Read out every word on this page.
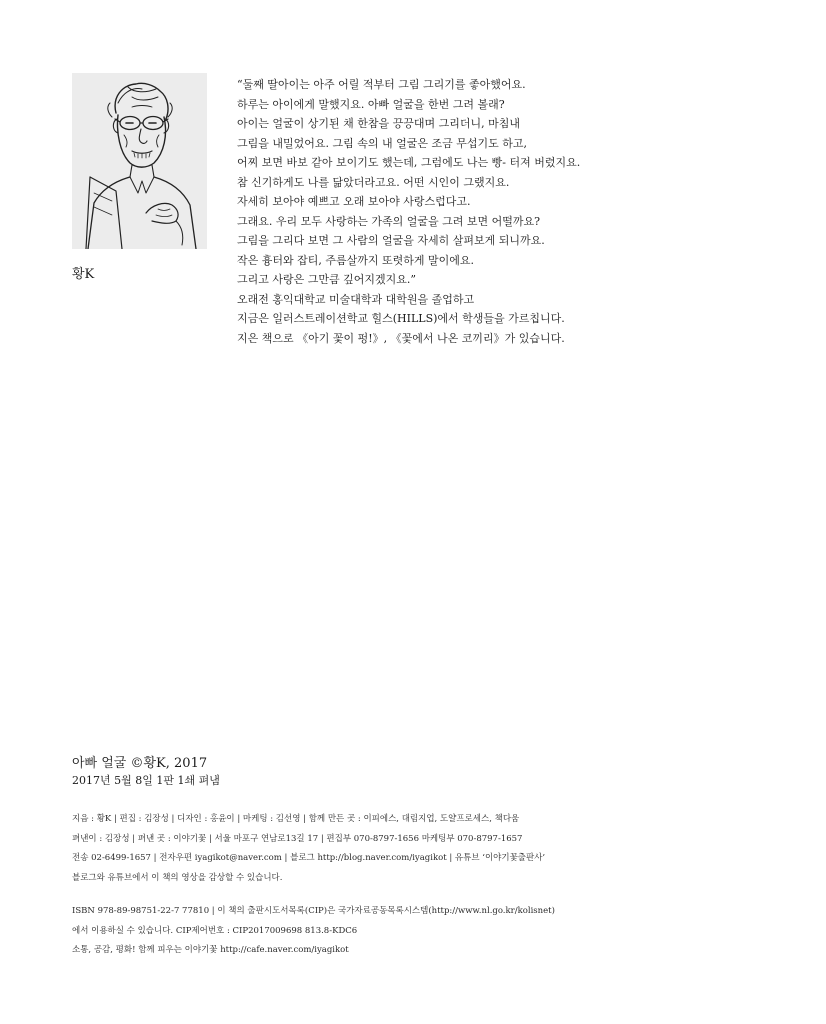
황K
“둘째 딸아이는 아주 어릴 적부터 그림 그리기를 좋아했어요.
하루는 아이에게 말했지요. 아빠 얼굴을 한번 그려 볼래?
아이는 얼굴이 상기된 채 한참을 끙끙대며 그리더니, 마침내
그림을 내밀었어요. 그림 속의 내 얼굴은 조금 무섭기도 하고,
어찌 보면 바보 같아 보이기도 했는데, 그럼에도 나는 빵- 터져 버렸지요.
참 신기하게도 나를 닮았더라고요. 어떤 시인이 그랬지요.
자세히 보아야 예쁘고 오래 보아야 사랑스럽다고.
그래요. 우리 모두 사랑하는 가족의 얼굴을 그려 보면 어떨까요?
그림을 그리다 보면 그 사람의 얼굴을 자세히 살펴보게 되니까요.
작은 흉터와 잡티, 주름살까지 또렷하게 말이에요.
그리고 사랑은 그만큼 깊어지겠지요.”
오래전 홍익대학교 미술대학과 대학원을 졸업하고
지금은 일러스트레이션학교 힐스(HILLS)에서 학생들을 가르칩니다.
지은 책으로 《아기 꽃이 펑!》, 《꽃에서 나온 코끼리》가 있습니다.
아빠 얼굴 ©황K, 2017
2017년 5월 8일 1판 1쇄 펴냄
지음 : 황K | 편집 : 김장성 | 디자인 : 홍윤이 | 마케팅 : 김선영 | 함께 만든 곳 : 이피에스, 대림지업, 도얄프로세스, 책다움
펴낸이 : 김장성 | 펴낸 곳 : 이야기꽃 | 서울 마포구 연남로13길 17 | 편집부 070-8797-1656 마케팅부 070-8797-1657
전송 02-6499-1657 | 전자우편 iyagikot@naver.com | 블로그 http://blog.naver.com/iyagikot | 유튜브 ‘이야기꽃출판사’
블로그와 유튜브에서 이 책의 영상을 감상할 수 있습니다.
ISBN 978-89-98751-22-7 77810 | 이 책의 출판시도서목록(CIP)은 국가자료공동목록시스템(http://www.nl.go.kr/kolisnet)
에서 이용하실 수 있습니다. CIP제어번호 : CIP2017009698 813.8-KDC6
소통, 공감, 평화! 함께 피우는 이야기꽃 http://cafe.naver.com/iyagikot
